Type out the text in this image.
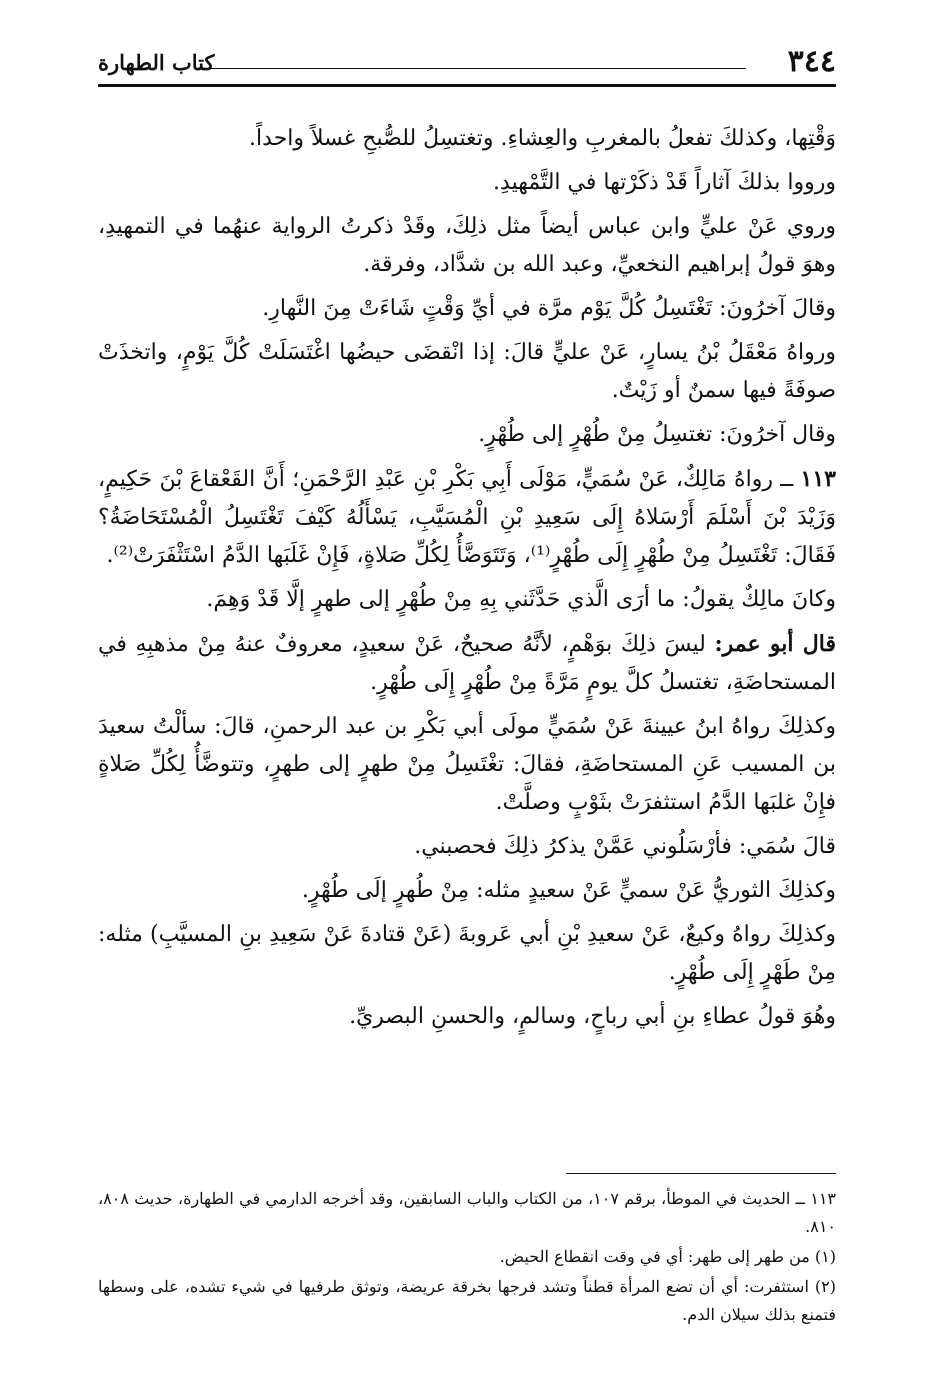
٣٤٤
كتاب الطهارة

وَقْتِها، وكذلكَ تفعلُ بالمغربِ والعِشاءِ. وتغتسِلُ للصُّبحِ غسلاً واحداً.

ورووا بذلكَ آثاراً قَدْ ذكَرْتها في التَّمْهيدِ.

وروي عَنْ عليٍّ وابن عباس أيضاً مثل ذلِكَ، وقَدْ ذكرتُ الرواية عنهُما في التمهيدِ، وهوَ قولُ إبراهيم النخعيِّ، وعبد الله بن شدَّاد، وفرقة.

وقالَ آخرُونَ: تَغْتَسِلُ كُلَّ يَوْم مرَّة في أيِّ وَقْتٍ شَاءَتْ مِنَ النَّهارِ.

ورواهُ مَعْقَلُ بْنُ يسارٍ، عَنْ عليٍّ قالَ: إذا انْقضَى حيضُها اغْتَسَلَتْ كُلَّ يَوْمٍ، واتخذَتْ صوفَةً فيها سمنٌ أو زَيْتٌ.

وقال آخرُونَ: تغتسِلُ مِنْ طُهْرٍ إلى طُهْرٍ.

١١٣ ــ رواهُ مَالِكٌ، عَنْ سُمَيٍّ، مَوْلَى أَبِي بَكْرِ بْنِ عَبْدِ الرَّحْمَنِ؛ أَنَّ القَعْقاعَ بْنَ حَكِيمٍ، وَزَيْدَ بْنَ أَسْلَمَ أَرْسَلاهُ إِلَى سَعِيدِ بْنِ الْمُسَيَّبِ، يَسْأَلُهُ كَيْفَ تَغْتَسِلُ الْمُسْتَحَاضَةُ؟ فَقَالَ: تَغْتَسِلُ مِنْ طُهْرٍ إِلَى طُهْرٍ⁽¹⁾، وَتَتَوَضَّأُ لِكُلِّ صَلاةٍ، فَإِنْ غَلَبَها الدَّمُ اسْتَثْفَرَتْ⁽²⁾.

وكانَ مالِكٌ يقولُ: ما أرَى الَّذي حَدَّثَني بِهِ مِنْ طُهْرٍ إلى طهرٍ إلَّا قَدْ وَهِمَ.

قال أبو عمر: ليسَ ذلِكَ بوَهْمٍ، لأنَّهُ صحيحٌ، عَنْ سعيدٍ، معروفٌ عنهُ مِنْ مذهبِهِ في المستحاضَةِ، تغتسلُ كلَّ يومٍ مَرَّةً مِنْ طُهْرٍ إِلَى طُهْرٍ.

وكذلِكَ رواهُ ابنُ عيينةَ عَنْ سُمَيٍّ مولَى أبي بَكْرِ بن عبد الرحمنِ، قالَ: سألْتُ سعيدَ بن المسيب عَنِ المستحاضَةِ، فقالَ: تغْتَسِلُ مِنْ طهرٍ إلى طهرٍ، وتتوضَّأُ لِكُلِّ صَلاةٍ فإِنْ غلبَها الدَّمُ استثفرَتْ بثَوْبٍ وصلَّتْ.

قالَ سُمَي: فأرْسَلُوني عَمَّنْ يذكرُ ذلِكَ فحصبني.

وكذلِكَ الثوريُّ عَنْ سميٍّ عَنْ سعيدٍ مثله: مِنْ طُهرٍ إلَى طُهْرٍ.

وكذلِكَ رواهُ وكيعٌ، عَنْ سعيدِ بْنِ أبي عَروبةَ (عَنْ قتادةَ عَنْ سَعِيدِ بنِ المسيَّبِ) مثله: مِنْ طَهْرٍ إِلَى طُهْرٍ.

وهُوَ قولُ عطاءِ بنِ أبي رباحٍ، وسالمٍ، والحسنِ البصريِّ.

١١٣ ــ الحديث في الموطأ، برقم ١٠٧، من الكتاب والباب السابقين، وقد أخرجه الدارمي في الطهارة، حديث ٨٠٨، ٨١٠.

(١) من طهر إلى طهر: أي في وقت انقطاع الحيض.

(٢) استثفرت: أي أن تضع المرأة قطناً وتشد فرجها بخرقة عريضة، وتوثق طرفيها في شيء تشده، على وسطها فتمنع بذلك سيلان الدم.
